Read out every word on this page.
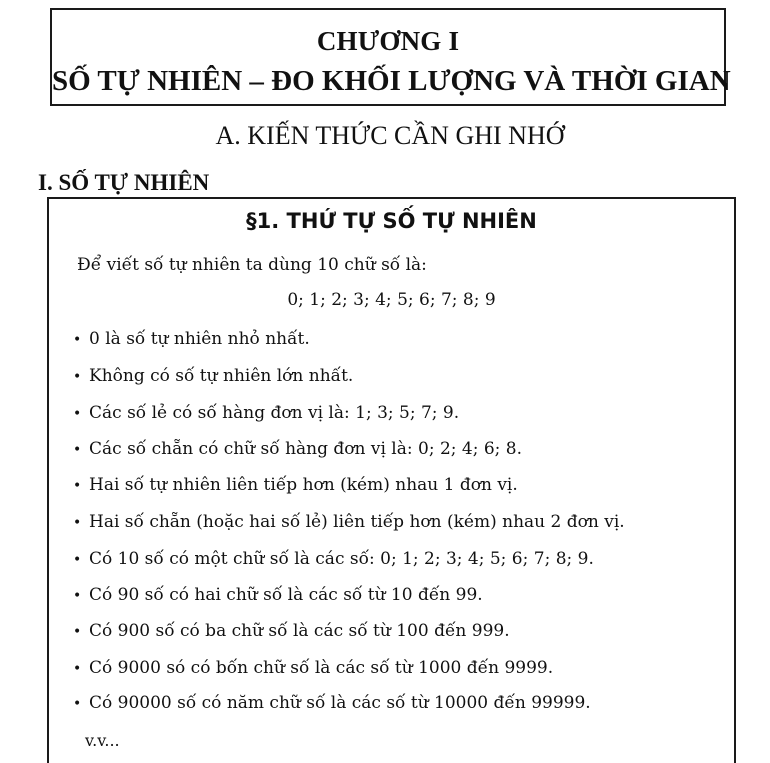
CHƯƠNG I
SỐ TỰ NHIÊN – ĐO KHỐI LƯỢNG VÀ THỜI GIAN
A. KIẾN THỨC CẦN GHI NHỚ
I. SỐ TỰ NHIÊN
§1. THỨ TỰ SỐ TỰ NHIÊN
Để viết số tự nhiên ta dùng 10 chữ số là:
0; 1; 2; 3; 4; 5; 6; 7; 8; 9
• 0 là số tự nhiên nhỏ nhất.
• Không có số tự nhiên lớn nhất.
• Các số lẻ có số hàng đơn vị là: 1; 3; 5; 7; 9.
• Các số chẵn có chữ số hàng đơn vị là: 0; 2; 4; 6; 8.
• Hai số tự nhiên liên tiếp hơn (kém) nhau 1 đơn vị.
• Hai số chẵn (hoặc hai số lẻ) liên tiếp hơn (kém) nhau 2 đơn vị.
• Có 10 số có một chữ số là các số: 0; 1; 2; 3; 4; 5; 6; 7; 8; 9.
• Có 90 số có hai chữ số là các số từ 10 đến 99.
• Có 900 số có ba chữ số là các số từ 100 đến 999.
• Có 9000 só có bốn chữ số là các số từ 1000 đến 9999.
• Có 90000 số có năm chữ số là các số từ 10000 đến 99999.
v.v...
